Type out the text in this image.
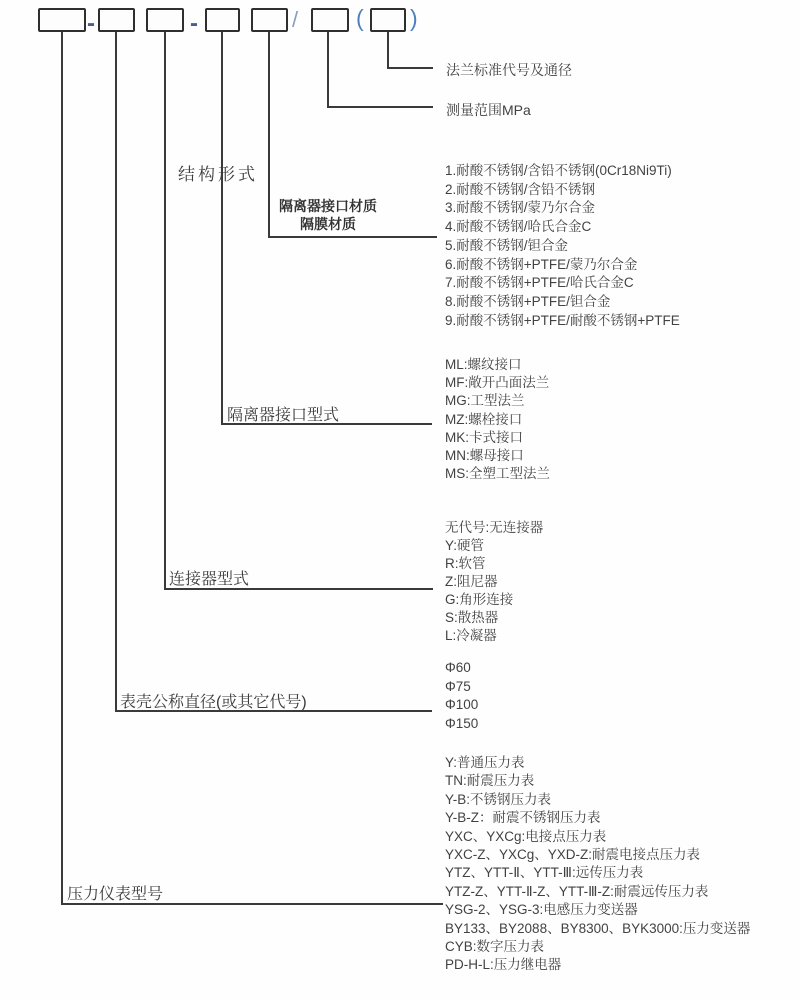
-	-	/	( )
法兰标准代号及通径
测量范围MPa
结构形式
隔离器接口材质
隔膜材质
1.耐酸不锈钢/含铅不锈钢(0Cr18Ni9Ti)
2.耐酸不锈钢/含铅不锈钢
3.耐酸不锈钢/蒙乃尔合金
4.耐酸不锈钢/哈氏合金C
5.耐酸不锈钢/钽合金
6.耐酸不锈钢+PTFE/蒙乃尔合金
7.耐酸不锈钢+PTFE/哈氏合金C
8.耐酸不锈钢+PTFE/钽合金
9.耐酸不锈钢+PTFE/耐酸不锈钢+PTFE
隔离器接口型式
ML:螺纹接口
MF:敞开凸面法兰
MG:工型法兰
MZ:螺栓接口
MK:卡式接口
MN:螺母接口
MS:全塑工型法兰
连接器型式
无代号:无连接器
Y:硬管
R:软管
Z:阻尼器
G:角形连接
S:散热器
L:冷凝器
表壳公称直径(或其它代号)
Φ60
Φ75
Φ100
Φ150
压力仪表型号
Y:普通压力表
TN:耐震压力表
Y-B:不锈钢压力表
Y-B-Z：耐震不锈钢压力表
YXC、YXCg:电接点压力表
YXC-Z、YXCg、YXD-Z:耐震电接点压力表
YTZ、YTT-Ⅱ、YTT-Ⅲ:远传压力表
YTZ-Z、YTT-Ⅱ-Z、YTT-Ⅲ-Z:耐震远传压力表
YSG-2、YSG-3:电感压力变送器
BY133、BY2088、BY8300、BYK3000:压力变送器
CYB:数字压力表
PD-H-L:压力继电器
